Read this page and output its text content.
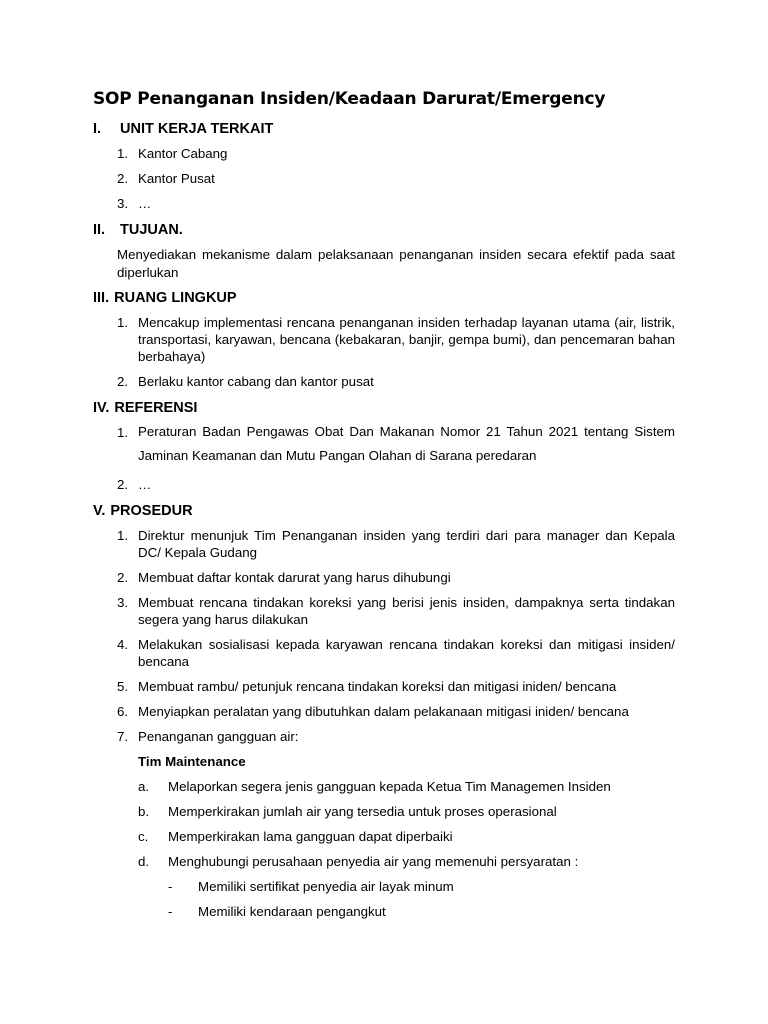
SOP Penanganan Insiden/Keadaan Darurat/Emergency
I.	UNIT KERJA TERKAIT
1. Kantor Cabang
2. Kantor Pusat
3. …
II.	TUJUAN.

Menyediakan mekanisme dalam pelaksanaan penanganan insiden secara efektif pada saat diperlukan

III. RUANG LINGKUP
1. Mencakup implementasi rencana penanganan insiden terhadap layanan utama (air, listrik, transportasi, karyawan, bencana (kebakaran, banjir, gempa bumi), dan pencemaran bahan berbahaya)
2. Berlaku kantor cabang dan kantor pusat
IV. REFERENSI
1. Peraturan Badan Pengawas Obat Dan Makanan Nomor 21 Tahun 2021 tentang Sistem Jaminan Keamanan dan Mutu Pangan Olahan di Sarana peredaran
2. …
V. PROSEDUR
1. Direktur menunjuk Tim Penanganan insiden yang terdiri dari para manager dan Kepala DC/ Kepala Gudang
2. Membuat daftar kontak darurat yang harus dihubungi
3. Membuat rencana tindakan koreksi yang berisi jenis insiden, dampaknya serta tindakan segera yang harus dilakukan
4. Melakukan sosialisasi kepada karyawan rencana tindakan koreksi dan mitigasi insiden/ bencana
5. Membuat rambu/ petunjuk rencana tindakan koreksi dan mitigasi iniden/ bencana
6. Menyiapkan peralatan yang dibutuhkan dalam pelakanaan mitigasi iniden/ bencana
7. Penanganan gangguan air:
Tim Maintenance
a.	Melaporkan segera jenis gangguan kepada Ketua Tim Managemen Insiden
b.	Memperkirakan jumlah air yang tersedia untuk proses operasional
c.	Memperkirakan lama gangguan dapat diperbaiki
d.	Menghubungi perusahaan penyedia air yang memenuhi persyaratan :
-	Memiliki sertifikat penyedia air layak minum
-	Memiliki kendaraan pengangkut
